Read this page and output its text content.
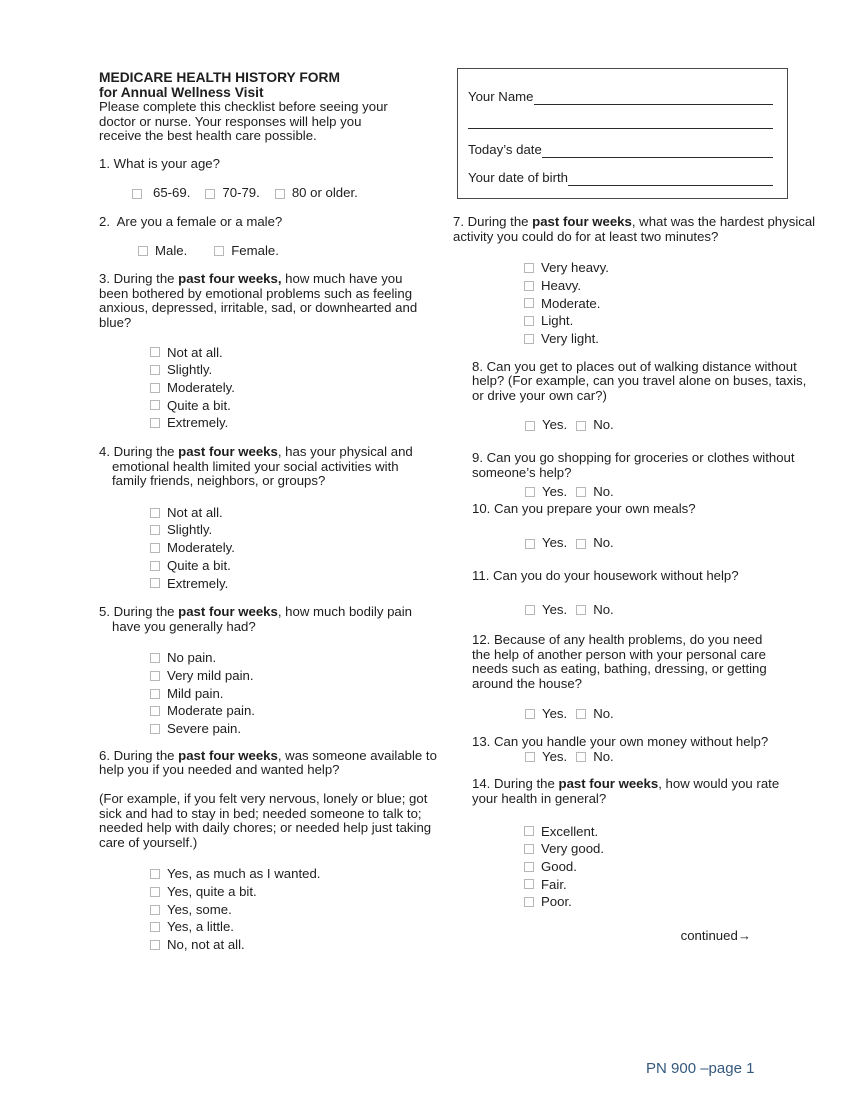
MEDICARE HEALTH HISTORY FORM

for Annual Wellness Visit

Please complete this checklist before seeing your

doctor or nurse. Your responses will help you

receive the best health care possible.

1. What is your age?

65-69. 70-79. 80 or older.

2.  Are you a female or a male?

Male.	Female.

3. During the past four weeks, how much have you

been bothered by emotional problems such as feeling

anxious, depressed, irritable, sad, or downhearted and

blue?

Not at all.
Slightly.
Moderately.
Quite a bit.
Extremely.

4. During the past four weeks, has your physical and

emotional health limited your social activities with

family friends, neighbors, or groups?

Not at all.
Slightly.
Moderately.
Quite a bit.
Extremely.

5. During the past four weeks, how much bodily pain

have you generally had?

No pain.
Very mild pain.
Mild pain.
Moderate pain.
Severe pain.

6. During the past four weeks, was someone available to

help you if you needed and wanted help?

(For example, if you felt very nervous, lonely or blue; got

sick and had to stay in bed; needed someone to talk to;

needed help with daily chores; or needed help just taking

care of yourself.)

Yes, as much as I wanted.
Yes, quite a bit.
Yes, some.
Yes, a little.
No, not at all.
Your Name
Today’s date
Your date of birth

7. During the past four weeks, what was the hardest physical

activity you could do for at least two minutes?

Very heavy.
Heavy.
Moderate.
Light.
Very light.

8. Can you get to places out of walking distance without

help? (For example, can you travel alone on buses, taxis,

or drive your own car?)

Yes. No.

9. Can you go shopping for groceries or clothes without

someone’s help?

Yes. No.

10. Can you prepare your own meals?

Yes. No.

11. Can you do your housework without help?

Yes. No.

12. Because of any health problems, do you need

the help of another person with your personal care

needs such as eating, bathing, dressing, or getting

around the house?

Yes. No.

13. Can you handle your own money without help?

Yes. No.

14. During the past four weeks, how would you rate

your health in general?

Excellent.
Very good.
Good.
Fair.
Poor.
continued→
PN 900 –page 1
